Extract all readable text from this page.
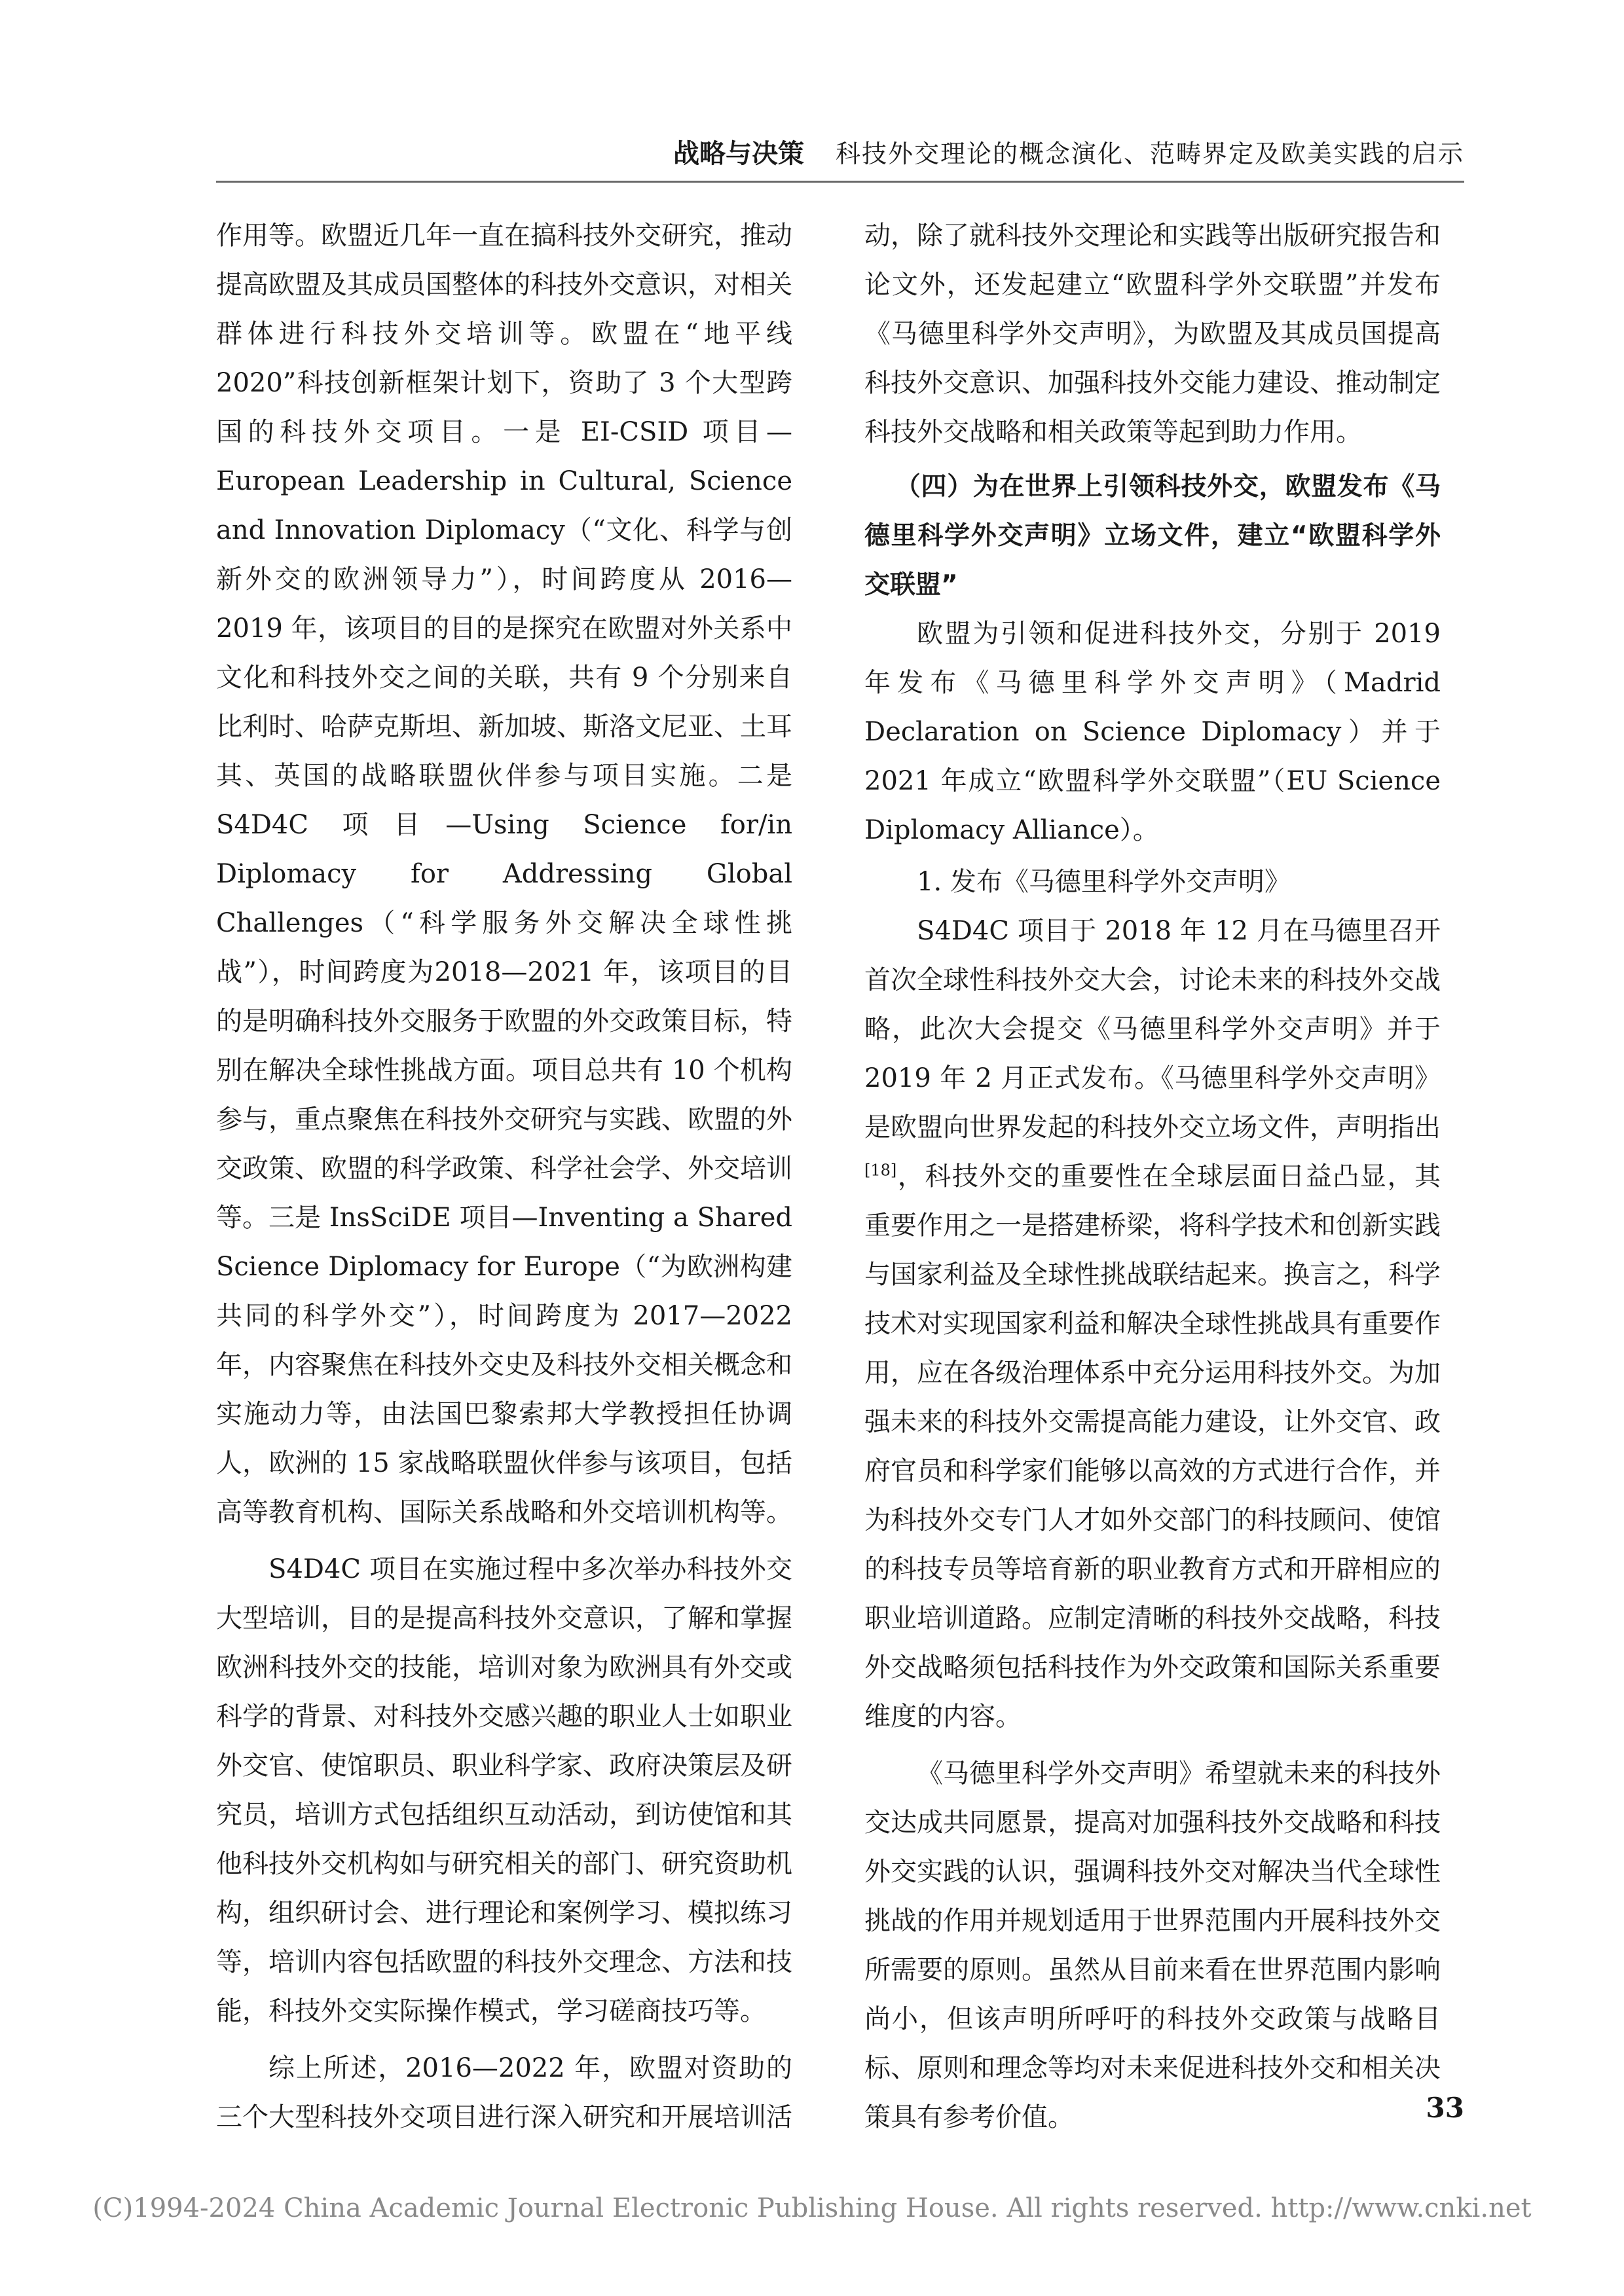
战略与决策 科技外交理论的概念演化、范畴界定及欧美实践的启示

作用等。欧盟近几年一直在搞科技外交研究，推动提高欧盟及其成员国整体的科技外交意识，对相关群体进行科技外交培训等。欧盟在“地平线2020”科技创新框架计划下，资助了 3 个大型跨国的科技外交项目。一是 EI-CSID 项目—European Leadership in Cultural, Science and Innovation Diplomacy（“文化、科学与创新外交的欧洲领导力”），时间跨度从 2016—2019 年，该项目的目的是探究在欧盟对外关系中文化和科技外交之间的关联，共有 9 个分别来自比利时、哈萨克斯坦、新加坡、斯洛文尼亚、土耳其、英国的战略联盟伙伴参与项目实施。二是 S4D4C 项目—Using Science for/in Diplomacy for Addressing Global Challenges（“科学服务外交解决全球性挑战”），时间跨度为2018—2021 年，该项目的目的是明确科技外交服务于欧盟的外交政策目标，特别在解决全球性挑战方面。项目总共有 10 个机构参与，重点聚焦在科技外交研究与实践、欧盟的外交政策、欧盟的科学政策、科学社会学、外交培训等。三是 InsSciDE 项目—Inventing a Shared Science Diplomacy for Europe（“为欧洲构建共同的科学外交”），时间跨度为 2017—2022 年，内容聚焦在科技外交史及科技外交相关概念和实施动力等，由法国巴黎索邦大学教授担任协调人，欧洲的 15 家战略联盟伙伴参与该项目，包括高等教育机构、国际关系战略和外交培训机构等。

S4D4C 项目在实施过程中多次举办科技外交大型培训，目的是提高科技外交意识，了解和掌握欧洲科技外交的技能，培训对象为欧洲具有外交或科学的背景、对科技外交感兴趣的职业人士如职业外交官、使馆职员、职业科学家、政府决策层及研究员，培训方式包括组织互动活动，到访使馆和其他科技外交机构如与研究相关的部门、研究资助机构，组织研讨会、进行理论和案例学习、模拟练习等，培训内容包括欧盟的科技外交理念、方法和技能，科技外交实际操作模式，学习磋商技巧等。

综上所述，2016—2022 年，欧盟对资助的三个大型科技外交项目进行深入研究和开展培训活

动，除了就科技外交理论和实践等出版研究报告和论文外，还发起建立“欧盟科学外交联盟”并发布《马德里科学外交声明》，为欧盟及其成员国提高科技外交意识、加强科技外交能力建设、推动制定科技外交战略和相关政策等起到助力作用。

（四）为在世界上引领科技外交，欧盟发布《马德里科学外交声明》立场文件，建立“欧盟科学外交联盟”

欧盟为引领和促进科技外交，分别于 2019 年发布《马德里科学外交声明》（Madrid Declaration on Science Diplomacy）并于 2021 年成立“欧盟科学外交联盟”（EU Science Diplomacy Alliance）。

1. 发布《马德里科学外交声明》

S4D4C 项目于 2018 年 12 月在马德里召开首次全球性科技外交大会，讨论未来的科技外交战略，此次大会提交《马德里科学外交声明》并于2019 年 2 月正式发布。《马德里科学外交声明》是欧盟向世界发起的科技外交立场文件，声明指出[18]，科技外交的重要性在全球层面日益凸显，其重要作用之一是搭建桥梁，将科学技术和创新实践与国家利益及全球性挑战联结起来。换言之，科学技术对实现国家利益和解决全球性挑战具有重要作用，应在各级治理体系中充分运用科技外交。为加强未来的科技外交需提高能力建设，让外交官、政府官员和科学家们能够以高效的方式进行合作，并为科技外交专门人才如外交部门的科技顾问、使馆的科技专员等培育新的职业教育方式和开辟相应的职业培训道路。应制定清晰的科技外交战略，科技外交战略须包括科技作为外交政策和国际关系重要维度的内容。

《马德里科学外交声明》希望就未来的科技外交达成共同愿景，提高对加强科技外交战略和科技外交实践的认识，强调科技外交对解决当代全球性挑战的作用并规划适用于世界范围内开展科技外交所需要的原则。虽然从目前来看在世界范围内影响尚小，但该声明所呼吁的科技外交政策与战略目标、原则和理念等均对未来促进科技外交和相关决策具有参考价值。	33
(C)1994-2024 China Academic Journal Electronic Publishing House. All rights reserved. http://www.cnki.net
